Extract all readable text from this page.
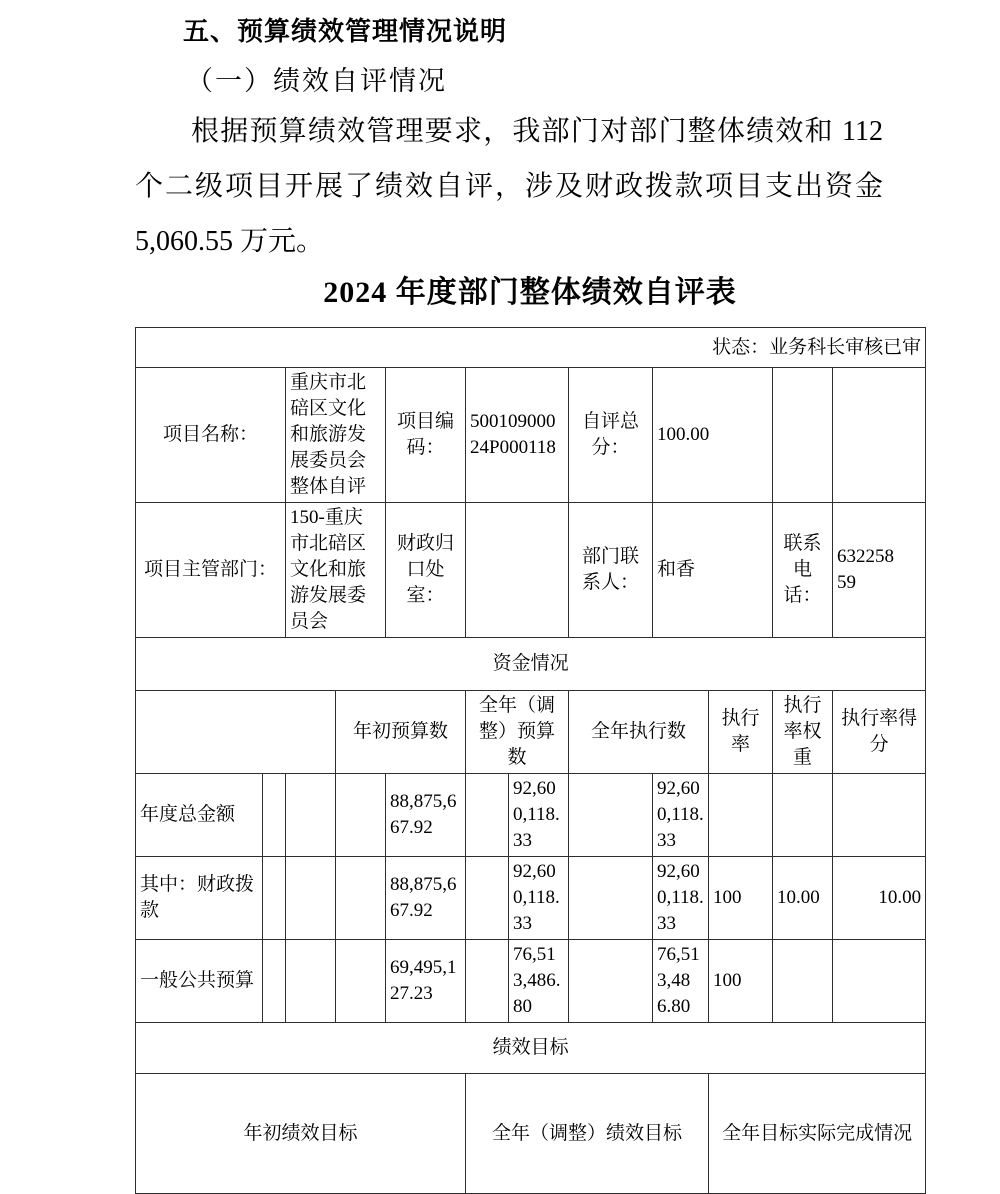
五、预算绩效管理情况说明
（一）绩效自评情况

根据预算绩效管理要求，我部门对部门整体绩效和 112 个二级项目开展了绩效自评，涉及财政拨款项目支出资金 5,060.55 万元。

2024 年度部门整体绩效自评表
状态：业务科长审核已审											
项目名称：		重庆市北碚区文化和旅游发展委员会整体自评		项目编码：	50010900024P000118		自评总分：	100.00			
项目主管部门：		150-重庆市北碚区文化和旅游发展委员会		财政归口处室：			部门联系人：	和香		联系电话：	63225859
资金情况											
			年初预算数		全年（调整）预算数		全年执行数		执行率	执行率权重	执行率得分
年度总金额				88,875,667.92		92,600,118.33		92,600,118.33			
其中：财政拨款				88,875,667.92		92,600,118.33		92,600,118.33	100	10.00	10.00
一般公共预算				69,495,127.23		76,513,486.80		76,513,486.80	100		
绩效目标											
年初绩效目标					全年（调整）绩效目标				全年目标实际完成情况		
